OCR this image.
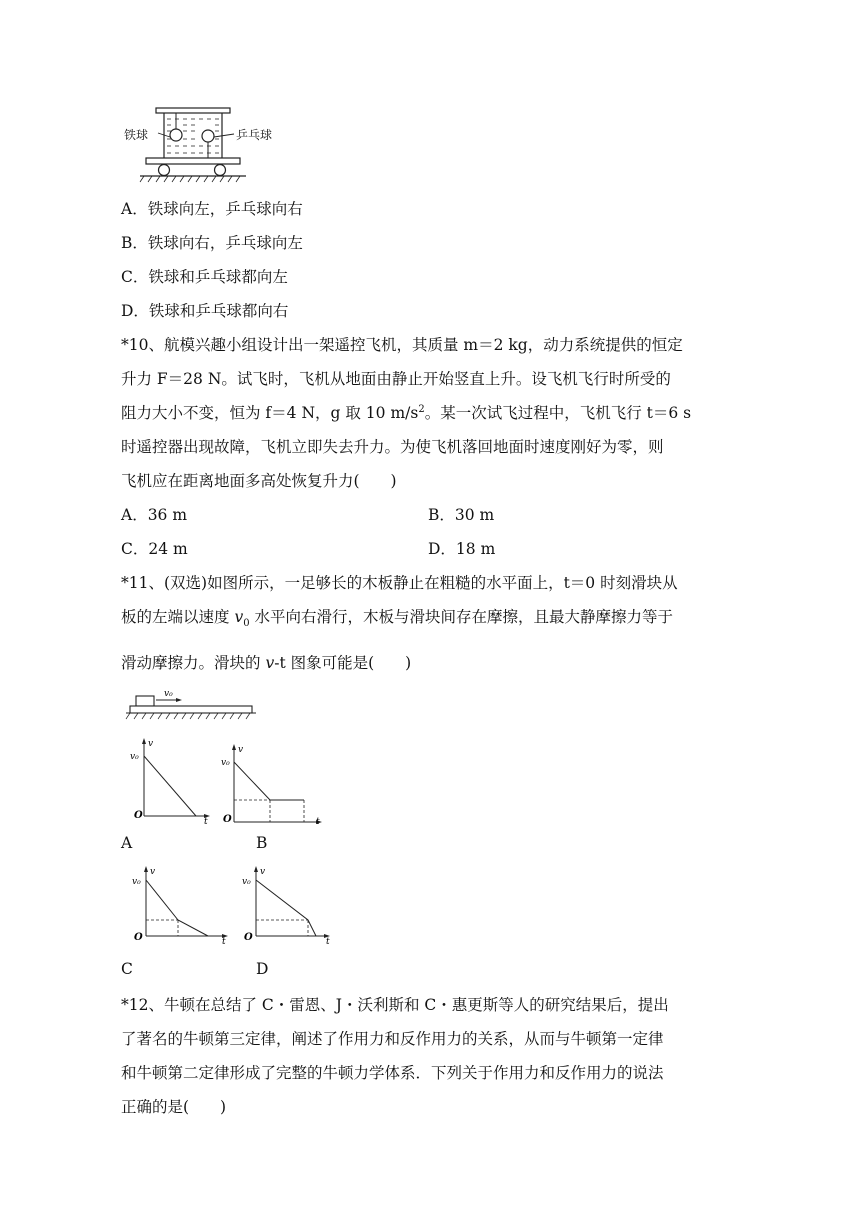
铁球	乒乓球
A．铁球向左，乒乓球向右
B．铁球向右，乒乓球向左
C．铁球和乒乓球都向左
D．铁球和乒乓球都向右
*10、航模兴趣小组设计出一架遥控飞机，其质量 m＝2 kg，动力系统提供的恒定
升力 F＝28 N。试飞时，飞机从地面由静止开始竖直上升。设飞机飞行时所受的
阻力大小不变，恒为 f＝4 N，g 取 10 $m/s^2$。某一次试飞过程中，飞机飞行 t＝6 s
时遥控器出现故障，飞机立即失去升力。为使飞机落回地面时速度刚好为零，则
飞机应在距离地面多高处恢复升力(　　)
A．36 m	B．30 m
C．24 m	D．18 m
*11、(双选)如图所示，一足够长的木板静止在粗糙的水平面上，t＝0 时刻滑块从
板的左端以速度 $v_0$ 水平向右滑行，木板与滑块间存在摩擦，且最大静摩擦力等于
滑动摩擦力。滑块的 v-t 图象可能是(　　)
v₀
v
v₀
O
t
A
v
v₀
O	t
B
v
v₀
O	t
C
v
v₀
O	t
D
*12、牛顿在总结了 C・雷恩、J・沃利斯和 C・惠更斯等人的研究结果后，提出
了著名的牛顿第三定律，阐述了作用力和反作用力的关系，从而与牛顿第一定律
和牛顿第二定律形成了完整的牛顿力学体系．下列关于作用力和反作用力的说法
正确的是(　　)
